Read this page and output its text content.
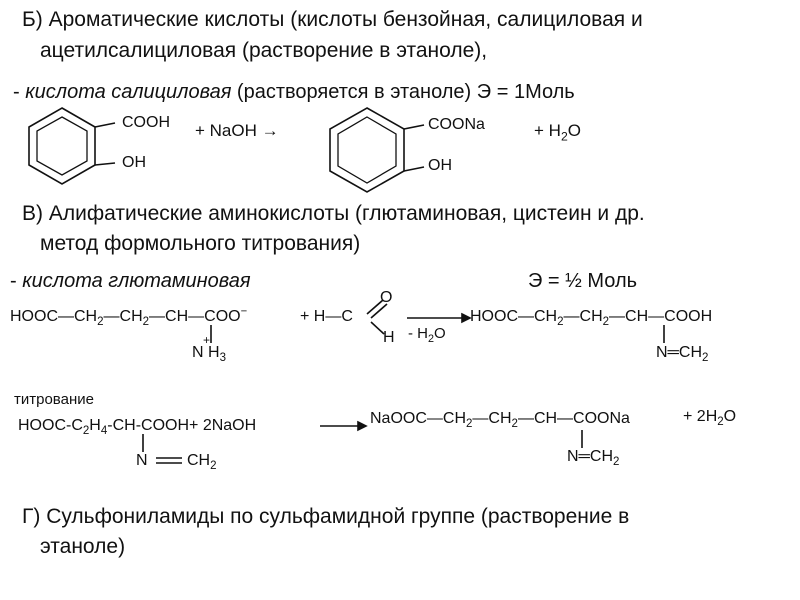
Б) Ароматические кислоты (кислоты бензойная, салициловая и
ацетилсалициловая (растворение в этаноле),
- кислота салициловая (растворяется в этаноле) Э = 1Моль
COOH
OH
+ NaOH →	COONa
OH
+ $H_2O$
В) Алифатические аминокислоты (глютаминовая, цистеин и др.
метод формольного титрования)
- кислота глютаминовая	Э = ½ Моль
$HOOC—CH_2—CH_2—CH—COO^-$
+
N $H_3$
+ H—C
O
H - $H_2O$
$HOOC—CH_2—CH_2—CH—COOH$
$N═CH_2$
титрование
HOOC-$C_2H_4-CH-COOH+$ 2NaOH
N $CH_2$
$NaOOC—CH_2—CH_2—CH—COONa$	+ $2H_2O$
$N═CH_2$
Г) Сульфониламиды по сульфамидной группе (растворение в
этаноле)
